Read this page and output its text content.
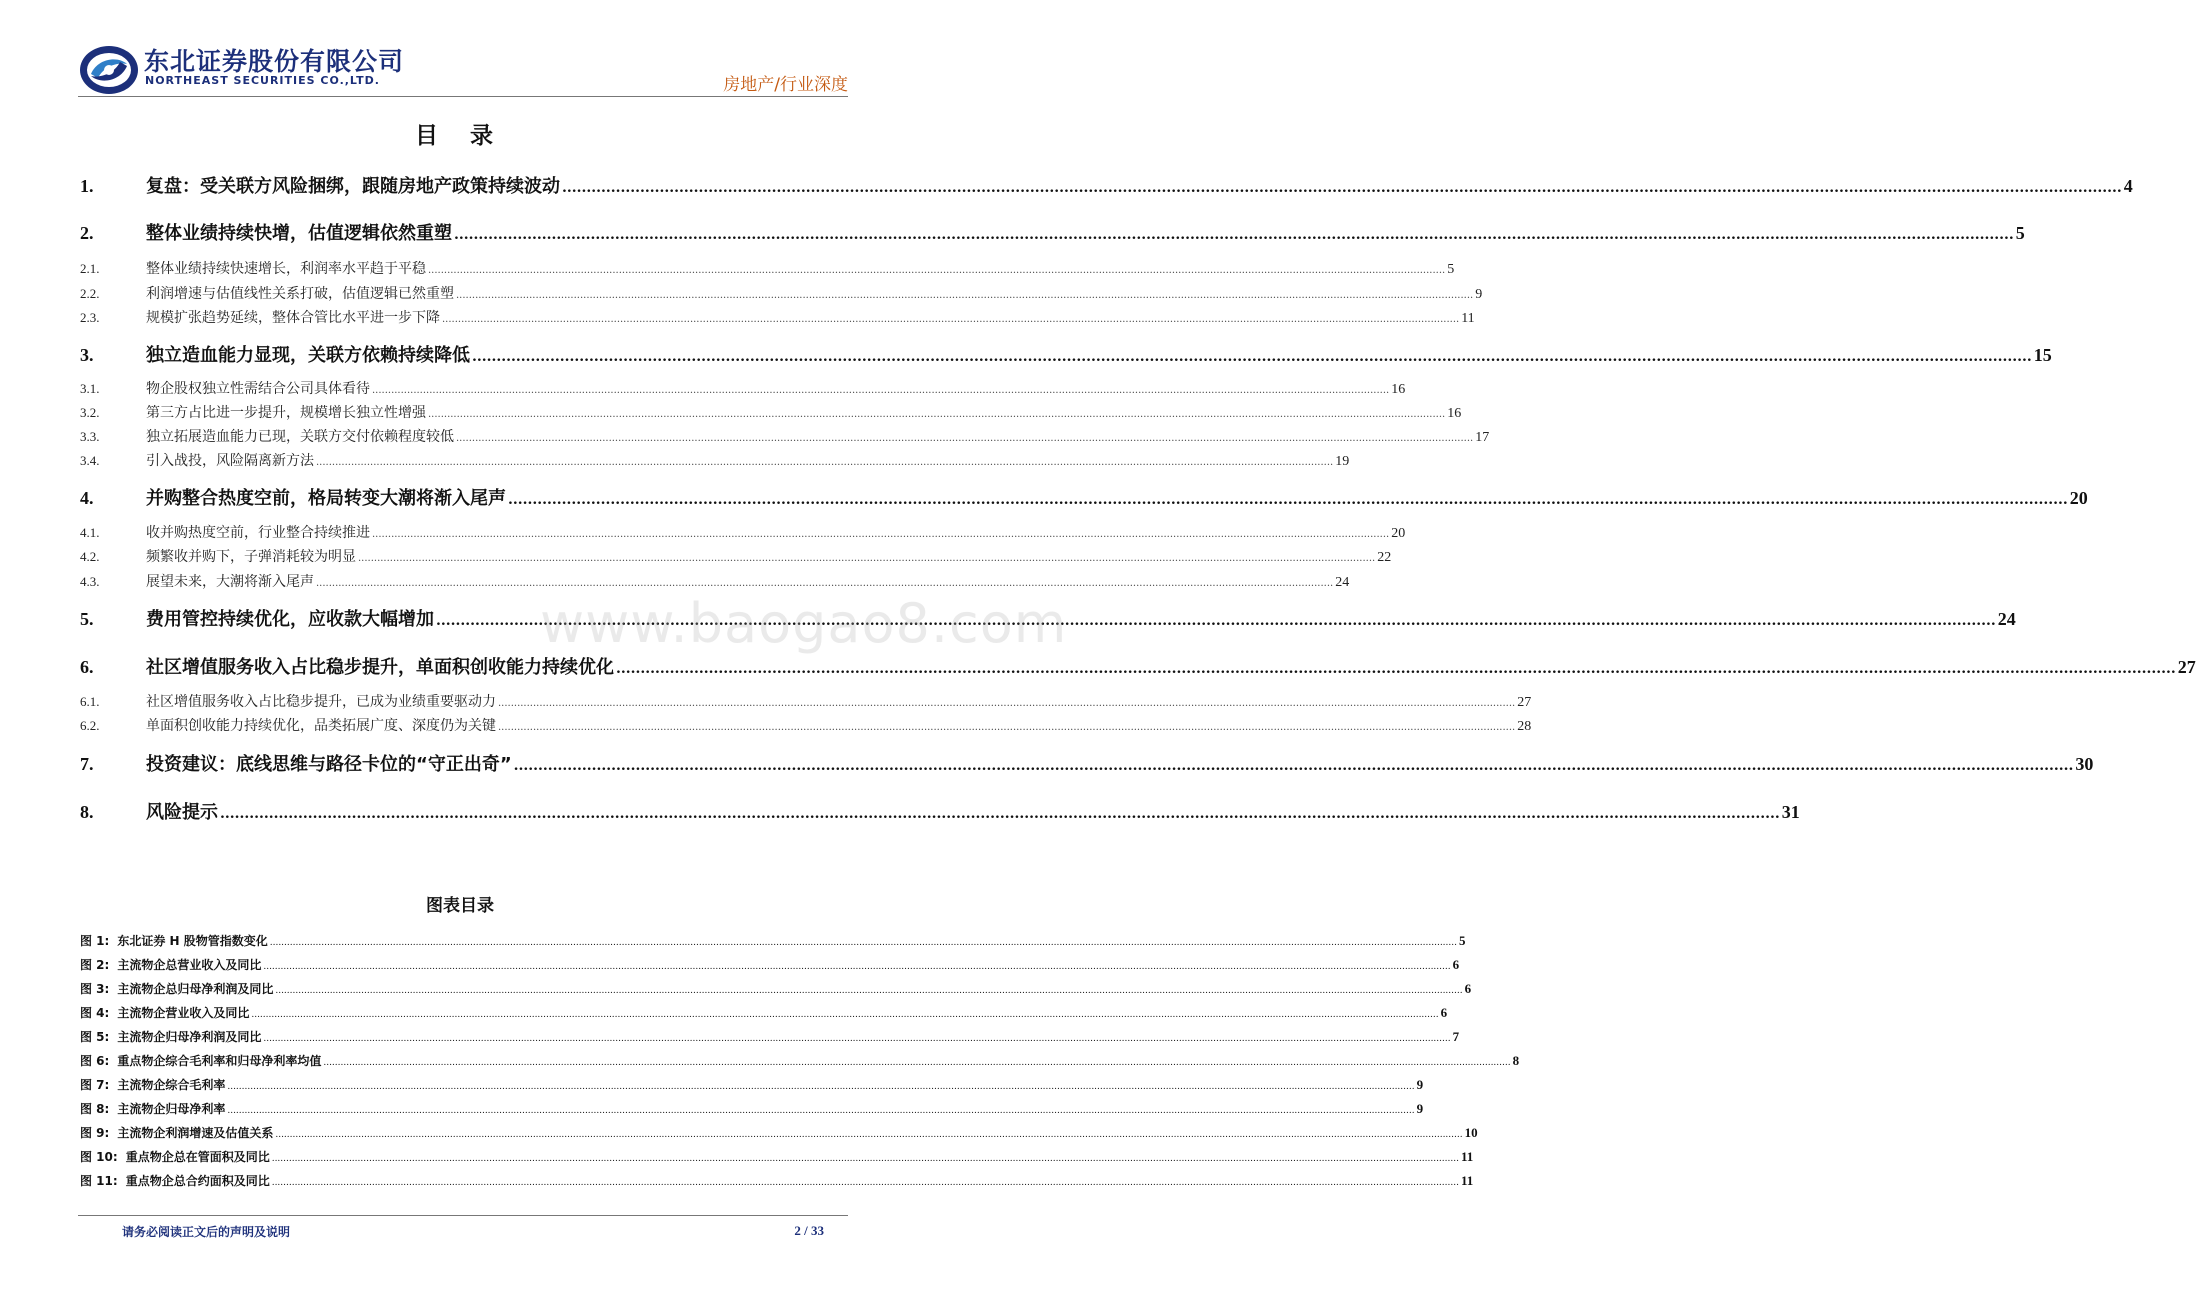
东北证券股份有限公司
NORTHEAST SECURITIES CO.,LTD.	房地产/行业深度
目 录
1.	复盘：受关联方风险捆绑，跟随房地产政策持续波动 .....	4
2.	整体业绩持续快增，估值逻辑依然重塑 .....	5
2.1.	整体业绩持续快速增长，利润率水平趋于平稳 .....	5
2.2.	利润增速与估值线性关系打破，估值逻辑已然重塑 .....	9
2.3.	规模扩张趋势延续，整体合管比水平进一步下降 .....	11
3.	独立造血能力显现，关联方依赖持续降低 .....	15
3.1.	物企股权独立性需结合公司具体看待 .....	16
3.2.	第三方占比进一步提升，规模增长独立性增强 .....	16
3.3.	独立拓展造血能力已现，关联方交付依赖程度较低 .....	17
3.4.	引入战投，风险隔离新方法 .....	19
4.	并购整合热度空前，格局转变大潮将渐入尾声 .....	20
4.1.	收并购热度空前，行业整合持续推进 .....	20
4.2.	频繁收并购下，子弹消耗较为明显 .....	22
4.3.	展望未来，大潮将渐入尾声 .....	24
5.	费用管控持续优化，应收款大幅增加 .....	24
6.	社区增值服务收入占比稳步提升，单面积创收能力持续优化 .....	27
6.1.	社区增值服务收入占比稳步提升，已成为业绩重要驱动力 .....	27
6.2.	单面积创收能力持续优化，品类拓展广度、深度仍为关键 .....	28
7.	投资建议：底线思维与路径卡位的“守正出奇” .....	30
8.	风险提示 .....	31
www.baogao8.com
图表目录
图 1: 东北证券 H 股物管指数变化 .....	5
图 2: 主流物企总营业收入及同比 .....	6
图 3: 主流物企总归母净利润及同比 .....	6
图 4: 主流物企营业收入及同比 .....	6
图 5: 主流物企归母净利润及同比 .....	7
图 6: 重点物企综合毛利率和归母净利率均值 .....	8
图 7: 主流物企综合毛利率 .....	9
图 8: 主流物企归母净利率 .....	9
图 9: 主流物企利润增速及估值关系 .....	10
图 10: 重点物企总在管面积及同比 .....	11
图 11: 重点物企总合约面积及同比 .....	11
请务必阅读正文后的声明及说明	2 / 33
